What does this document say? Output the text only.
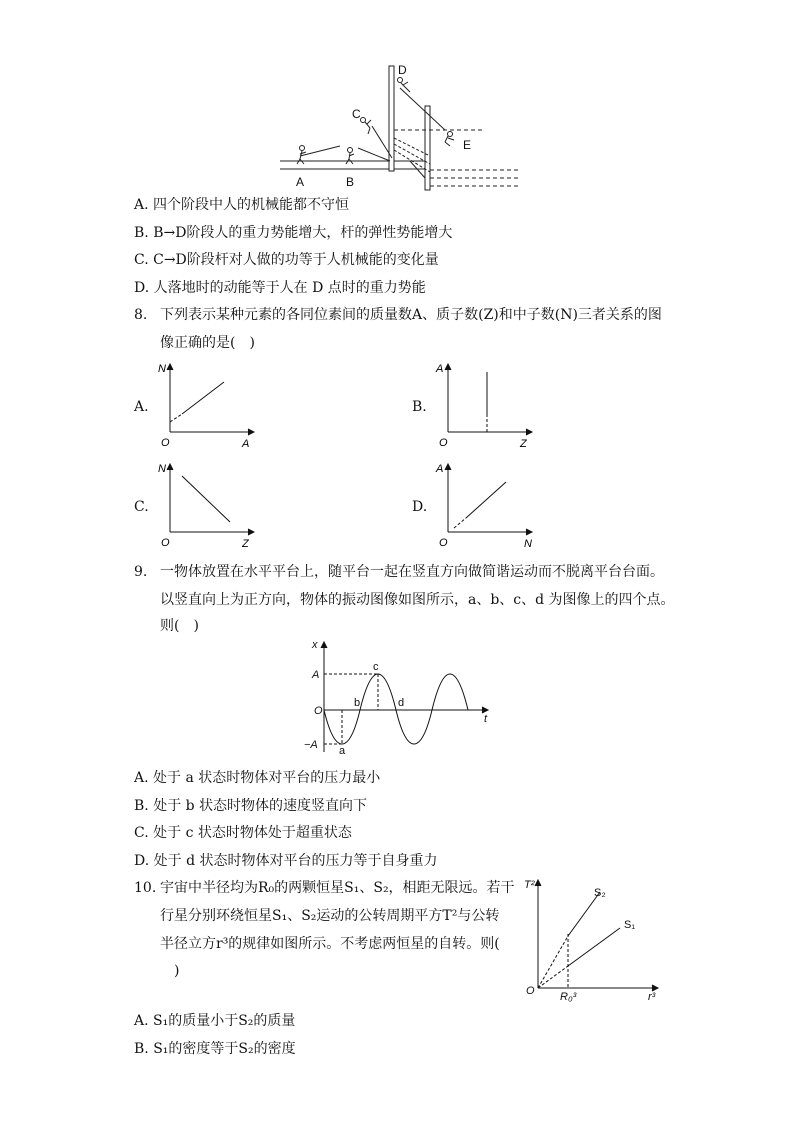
A	B
C
D
E
A. 四个阶段中人的机械能都不守恒
B. B→D阶段人的重力势能增大，杆的弹性势能增大
C. C→D阶段杆对人做的功等于人机械能的变化量
D. 人落地时的动能等于人在 D 点时的重力势能
8. 下列表示某种元素的各同位素间的质量数A、质子数(Z)和中子数(N)三者关系的图
像正确的是(　)
A.
N
O	A
B.
A
O	Z
C.
N
O	Z
D.
A
O	N
9. 一物体放置在水平平台上，随平台一起在竖直方向做简谐运动而不脱离平台台面。
以竖直向上为正方向，物体的振动图像如图所示，a、b、c、d 为图像上的四个点。
则(　)
x
A
O
−A
t
a
b
c
d
A. 处于 a 状态时物体对平台的压力最小
B. 处于 b 状态时物体的速度竖直向下
C. 处于 c 状态时物体处于超重状态
D. 处于 d 状态时物体对平台的压力等于自身重力
10. 宇宙中半径均为R₀的两颗恒星S₁、S₂，相距无限远。若干
行星分别环绕恒星S₁、S₂运动的公转周期平方T²与公转
半径立方r³的规律如图所示。不考虑两恒星的自转。则(
)
T²
O R₀³	r³
S₂
S₁
A. S₁的质量小于S₂的质量
B. S₁的密度等于S₂的密度
